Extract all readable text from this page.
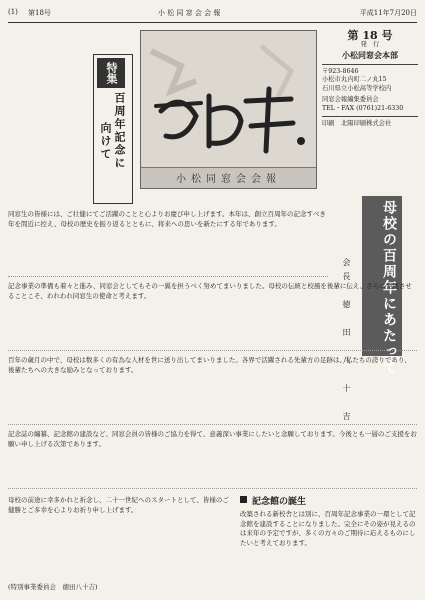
(1) 第18号	小 松 同 窓 会 会 報	平成11年7月20日
特集
百周年記念に
向けて
小松同窓会会報
第 18 号
発　行
小松同窓会本部
〒923-8646
小松市丸内町二ノ丸15
石川県立小松高等学校内
同窓会報編集委員会
TEL・FAX (0761)21-6330
印刷　北陽印刷株式会社
母校の百周年にあたって
会長　徳　田　八　十　吉
同窓生の皆様には、ご壮健にてご活躍のことと心よりお慶び申し上げます。本年は、創立百周年の記念すべき年を間近に控え、母校の歴史を振り返るとともに、将来への思いを新たにする年であります。
記念事業の準備も着々と進み、同窓会としてもその一翼を担うべく努めてまいりました。母校の伝統と校風を後輩に伝え、さらに発展させることこそ、われわれ同窓生の使命と考えます。
百年の歳月の中で、母校は数多くの有為な人材を世に送り出してまいりました。各界で活躍される先輩方の足跡は、私たちの誇りであり、後輩たちへの大きな励みとなっております。
記念誌の編纂、記念館の建設など、同窓会員の皆様のご協力を得て、意義深い事業にしたいと念願しております。今後とも一層のご支援をお願い申し上げる次第であります。
記念館の誕生
母校の前途に幸多かれと祈念し、二十一世紀へのスタートとして、皆様のご健勝とご多幸を心よりお祈り申し上げます。
改築される新校舎とは別に、百周年記念事業の一環として記念館を建設することになりました。完全にその姿が見えるのは来年の予定ですが、多くの方々のご期待に応えるものにしたいと考えております。
(特別事業委員会　徳田八十吉)
